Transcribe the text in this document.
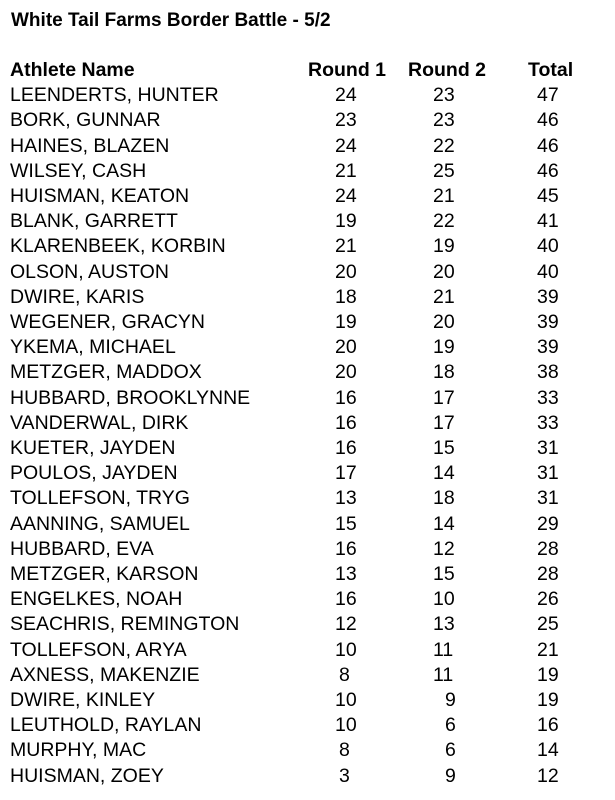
White Tail Farms Border Battle - 5/2
Athlete Name	Round 1	Round 2	Total
LEENDERTS, HUNTER	24	23	47
BORK, GUNNAR	23	23	46
HAINES, BLAZEN	24	22	46
WILSEY, CASH	21	25	46
HUISMAN, KEATON	24	21	45
BLANK, GARRETT	19	22	41
KLARENBEEK, KORBIN	21	19	40
OLSON, AUSTON	20	20	40
DWIRE, KARIS	18	21	39
WEGENER, GRACYN	19	20	39
YKEMA, MICHAEL	20	19	39
METZGER, MADDOX	20	18	38
HUBBARD, BROOKLYNNE	16	17	33
VANDERWAL, DIRK	16	17	33
KUETER, JAYDEN	16	15	31
POULOS, JAYDEN	17	14	31
TOLLEFSON, TRYG	13	18	31
AANNING, SAMUEL	15	14	29
HUBBARD, EVA	16	12	28
METZGER, KARSON	13	15	28
ENGELKES, NOAH	16	10	26
SEACHRIS, REMINGTON	12	13	25
TOLLEFSON, ARYA	10	11	21
AXNESS, MAKENZIE	8	11	19
DWIRE, KINLEY	10	9	19
LEUTHOLD, RAYLAN	10	6	16
MURPHY, MAC	8	6	14
HUISMAN, ZOEY	3	9	12
